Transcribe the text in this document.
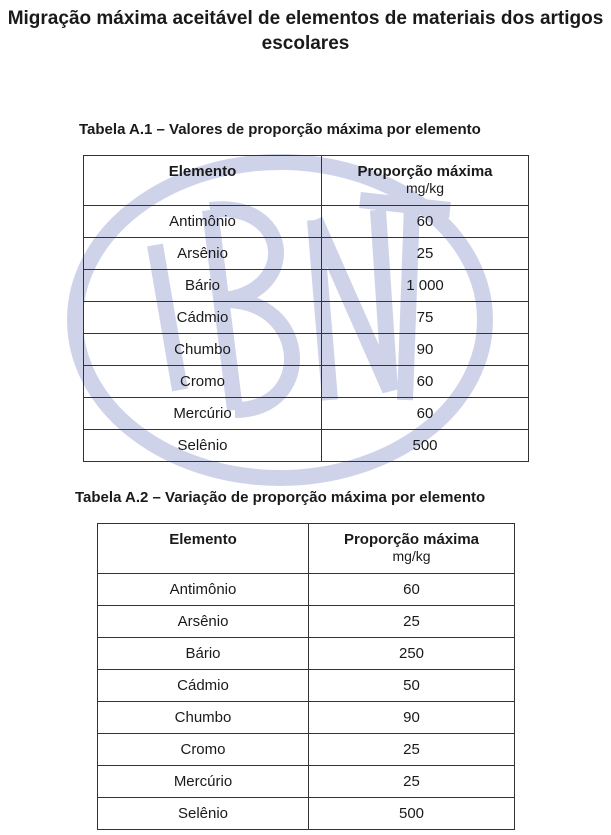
Migração máxima aceitável de elementos de materiais dos artigos escolares
Tabela A.1 – Valores de proporção máxima por elemento
Elemento	Proporção máxima
mg/kg

Antimônio	60
Arsênio	25
Bário	1 000
Cádmio	75
Chumbo	90
Cromo	60
Mercúrio	60
Selênio	500
Tabela A.2 – Variação de proporção máxima por elemento
Elemento	Proporção máxima
mg/kg

Antimônio	60
Arsênio	25
Bário	250
Cádmio	50
Chumbo	90
Cromo	25
Mercúrio	25
Selênio	500
